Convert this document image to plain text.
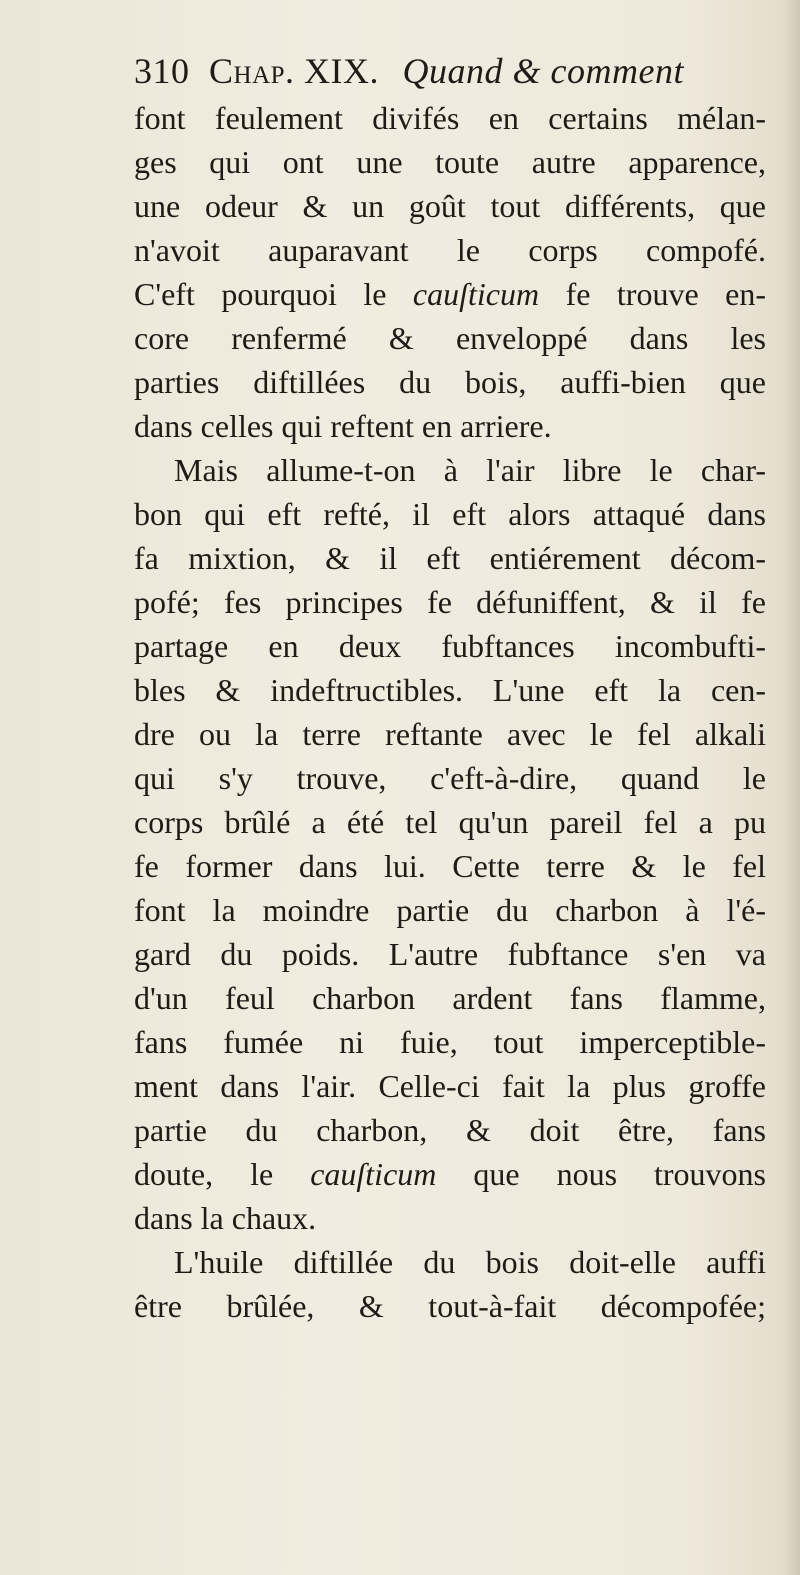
310 Chap. XIX. Quand & comment
font feulement divifés en certains mélan-
ges qui ont une toute autre apparence,
une odeur & un goût tout différents, que
n'avoit auparavant le corps compofé.
C'eft pourquoi le cauſticum fe trouve en-
core renfermé & enveloppé dans les
parties diftillées du bois, auffi-bien que
dans celles qui reftent en arriere.
Mais allume-t-on à l'air libre le char-
bon qui eft refté, il eft alors attaqué dans
fa mixtion, & il eft entiérement décom-
pofé; fes principes fe défuniffent, & il fe
partage en deux fubftances incombufti-
bles & indeftructibles. L'une eft la cen-
dre ou la terre reftante avec le fel alkali
qui s'y trouve, c'eft-à-dire, quand le
corps brûlé a été tel qu'un pareil fel a pu
fe former dans lui. Cette terre & le fel
font la moindre partie du charbon à l'é-
gard du poids. L'autre fubftance s'en va
d'un feul charbon ardent fans flamme,
fans fumée ni fuie, tout imperceptible-
ment dans l'air. Celle-ci fait la plus groffe
partie du charbon, & doit être, fans
doute, le cauſticum que nous trouvons
dans la chaux.
L'huile diftillée du bois doit-elle auffi
être brûlée, & tout-à-fait décompofée;
